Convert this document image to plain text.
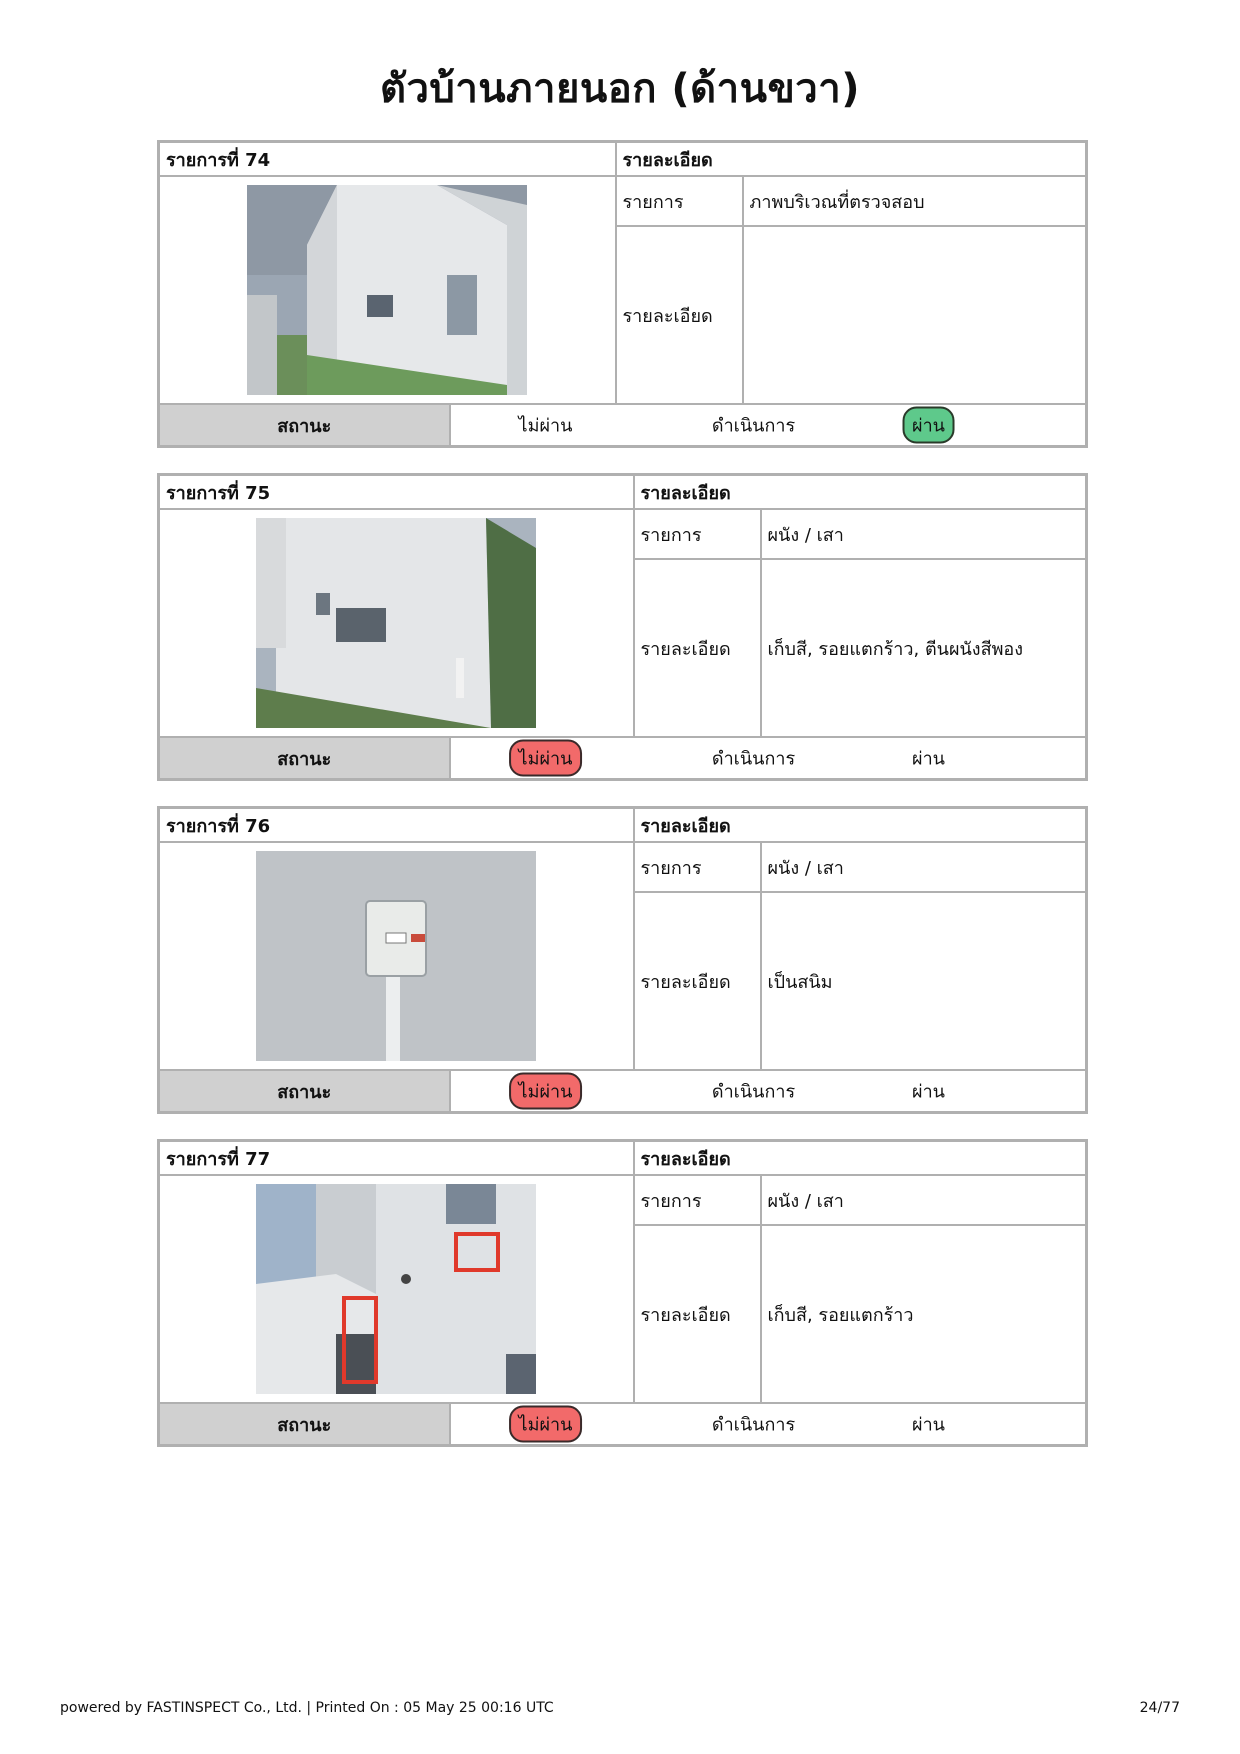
ตัวบ้านภายนอก (ด้านขวา)
รายการที่ 74		รายละเอียด	
	รายการ	ภาพบริเวณที่ตรวจสอบ
		รายละเอียด	
สถานะ	ไม่ผ่าน ดำเนินการ ผ่าน		
รายการที่ 75		รายละเอียด	
	รายการ	ผนัง / เสา
		รายละเอียด	เก็บสี, รอยแตกร้าว, ตีนผนังสีพอง
สถานะ	ไม่ผ่าน ดำเนินการ ผ่าน		
รายการที่ 76		รายละเอียด	
	รายการ	ผนัง / เสา
		รายละเอียด	เป็นสนิม
สถานะ	ไม่ผ่าน ดำเนินการ ผ่าน		
รายการที่ 77		รายละเอียด	

	รายการ	ผนัง / เสา
		รายละเอียด	เก็บสี, รอยแตกร้าว
สถานะ	ไม่ผ่าน ดำเนินการ ผ่าน		
powered by FASTINSPECT Co., Ltd. | Printed On : 05 May 25 00:16 UTC	24/77
